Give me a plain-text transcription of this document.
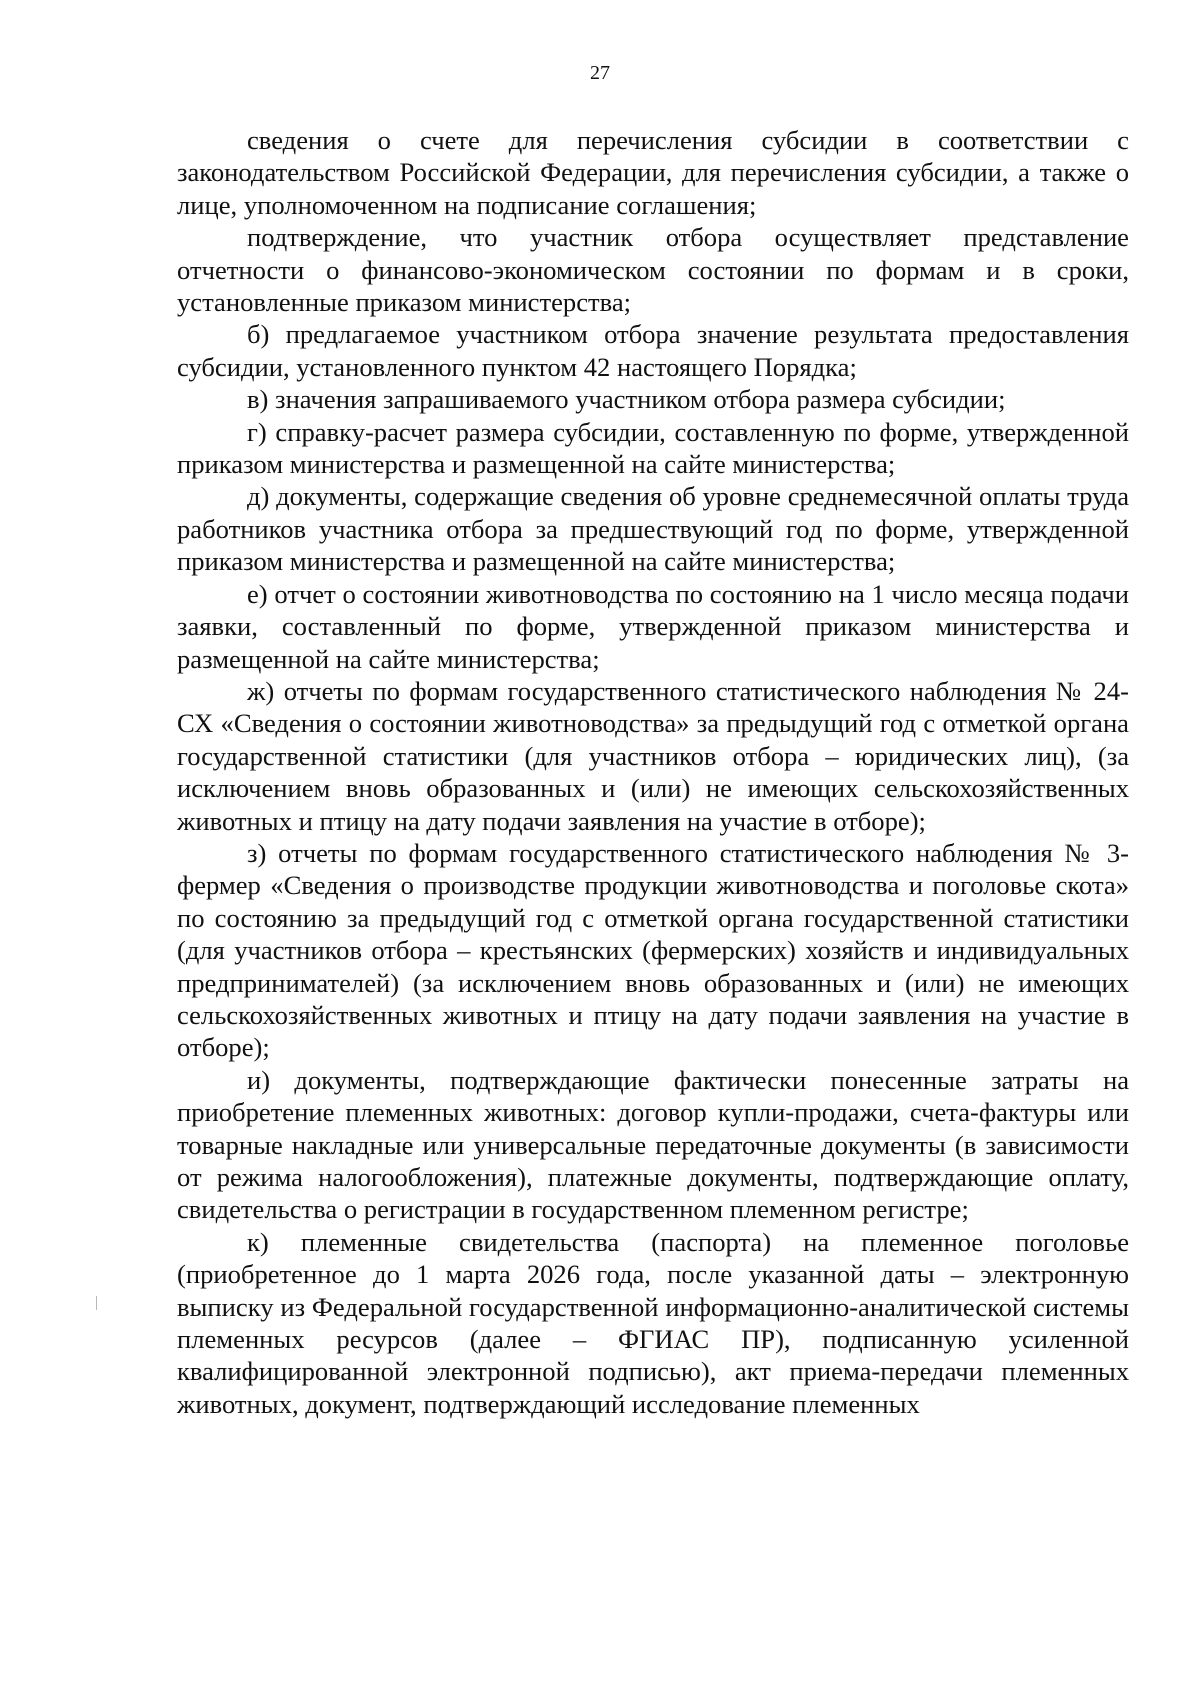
27

сведения о счете для перечисления субсидии в соответствии с законодательством Российской Федерации, для перечисления субсидии, а также о лице, уполномоченном на подписание соглашения;

подтверждение, что участник отбора осуществляет представление отчетности о финансово-экономическом состоянии по формам и в сроки, установленные приказом министерства;

б) предлагаемое участником отбора значение результата предоставления субсидии, установленного пунктом 42 настоящего Порядка;

в) значения запрашиваемого участником отбора размера субсидии;

г) справку-расчет размера субсидии, составленную по форме, утвержденной приказом министерства и размещенной на сайте министерства;

д) документы, содержащие сведения об уровне среднемесячной оплаты труда работников участника отбора за предшествующий год по форме, утвержденной приказом министерства и размещенной на сайте министерства;

е) отчет о состоянии животноводства по состоянию на 1 число месяца подачи заявки, составленный по форме, утвержденной приказом министерства и размещенной на сайте министерства;

ж) отчеты по формам государственного статистического наблюдения № 24-СХ «Сведения о состоянии животноводства» за предыдущий год с отметкой органа государственной статистики (для участников отбора – юридических лиц), (за исключением вновь образованных и (или) не имеющих сельскохозяйственных животных и птицу на дату подачи заявления на участие в отборе);

з) отчеты по формам государственного статистического наблюдения № 3-фермер «Сведения о производстве продукции животноводства и поголовье скота» по состоянию за предыдущий год с отметкой органа государственной статистики (для участников отбора – крестьянских (фермерских) хозяйств и индивидуальных предпринимателей) (за исключением вновь образованных и (или) не имеющих сельскохозяйственных животных и птицу на дату подачи заявления на участие в отборе);

и) документы, подтверждающие фактически понесенные затраты на приобретение племенных животных: договор купли-продажи, счета-фактуры или товарные накладные или универсальные передаточные документы (в зависимости от режима налогообложения), платежные документы, подтверждающие оплату, свидетельства о регистрации в государственном племенном регистре;

к) племенные свидетельства (паспорта) на племенное поголовье (приобретенное до 1 марта 2026 года, после указанной даты – электронную выписку из Федеральной государственной информационно-аналитической системы племенных ресурсов (далее – ФГИАС ПР), подписанную усиленной квалифицированной электронной подписью), акт приема-передачи племенных животных, документ, подтверждающий исследование племенных
